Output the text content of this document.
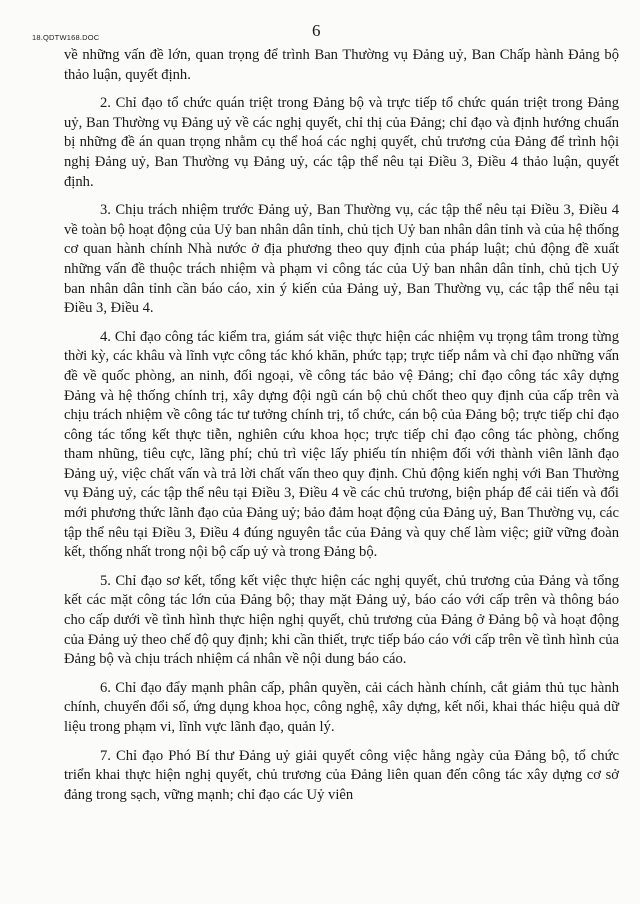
18.QDTW168.DOC	6

về những vấn đề lớn, quan trọng để trình Ban Thường vụ Đảng uỷ, Ban Chấp hành Đảng bộ thảo luận, quyết định.

2. Chỉ đạo tổ chức quán triệt trong Đảng bộ và trực tiếp tổ chức quán triệt trong Đảng uỷ, Ban Thường vụ Đảng uỷ về các nghị quyết, chỉ thị của Đảng; chỉ đạo và định hướng chuẩn bị những đề án quan trọng nhằm cụ thể hoá các nghị quyết, chủ trương của Đảng để trình hội nghị Đảng uỷ, Ban Thường vụ Đảng uỷ, các tập thể nêu tại Điều 3, Điều 4 thảo luận, quyết định.

3. Chịu trách nhiệm trước Đảng uỷ, Ban Thường vụ, các tập thể nêu tại Điều 3, Điều 4 về toàn bộ hoạt động của Uỷ ban nhân dân tỉnh, chủ tịch Uỷ ban nhân dân tỉnh và của hệ thống cơ quan hành chính Nhà nước ở địa phương theo quy định của pháp luật; chủ động đề xuất những vấn đề thuộc trách nhiệm và phạm vi công tác của Uỷ ban nhân dân tỉnh, chủ tịch Uỷ ban nhân dân tỉnh cần báo cáo, xin ý kiến của Đảng uỷ, Ban Thường vụ, các tập thể nêu tại Điều 3, Điều 4.

4. Chỉ đạo công tác kiểm tra, giám sát việc thực hiện các nhiệm vụ trọng tâm trong từng thời kỳ, các khâu và lĩnh vực công tác khó khăn, phức tạp; trực tiếp nắm và chỉ đạo những vấn đề về quốc phòng, an ninh, đối ngoại, về công tác bảo vệ Đảng; chỉ đạo công tác xây dựng Đảng và hệ thống chính trị, xây dựng đội ngũ cán bộ chủ chốt theo quy định của cấp trên và chịu trách nhiệm về công tác tư tưởng chính trị, tổ chức, cán bộ của Đảng bộ; trực tiếp chỉ đạo công tác tổng kết thực tiễn, nghiên cứu khoa học; trực tiếp chỉ đạo công tác phòng, chống tham nhũng, tiêu cực, lãng phí; chủ trì việc lấy phiếu tín nhiệm đối với thành viên lãnh đạo Đảng uỷ, việc chất vấn và trả lời chất vấn theo quy định. Chủ động kiến nghị với Ban Thường vụ Đảng uỷ, các tập thể nêu tại Điều 3, Điều 4 về các chủ trương, biện pháp để cải tiến và đổi mới phương thức lãnh đạo của Đảng uỷ; bảo đảm hoạt động của Đảng uỷ, Ban Thường vụ, các tập thể nêu tại Điều 3, Điều 4 đúng nguyên tắc của Đảng và quy chế làm việc; giữ vững đoàn kết, thống nhất trong nội bộ cấp uỷ và trong Đảng bộ.

5. Chỉ đạo sơ kết, tổng kết việc thực hiện các nghị quyết, chủ trương của Đảng và tổng kết các mặt công tác lớn của Đảng bộ; thay mặt Đảng uỷ, báo cáo với cấp trên và thông báo cho cấp dưới về tình hình thực hiện nghị quyết, chủ trương của Đảng ở Đảng bộ và hoạt động của Đảng uỷ theo chế độ quy định; khi cần thiết, trực tiếp báo cáo với cấp trên về tình hình của Đảng bộ và chịu trách nhiệm cá nhân về nội dung báo cáo.

6. Chỉ đạo đẩy mạnh phân cấp, phân quyền, cải cách hành chính, cắt giảm thủ tục hành chính, chuyển đổi số, ứng dụng khoa học, công nghệ, xây dựng, kết nối, khai thác hiệu quả dữ liệu trong phạm vi, lĩnh vực lãnh đạo, quản lý.

7. Chỉ đạo Phó Bí thư Đảng uỷ giải quyết công việc hằng ngày của Đảng bộ, tổ chức triển khai thực hiện nghị quyết, chủ trương của Đảng liên quan đến công tác xây dựng cơ sở đảng trong sạch, vững mạnh; chỉ đạo các Uỷ viên
